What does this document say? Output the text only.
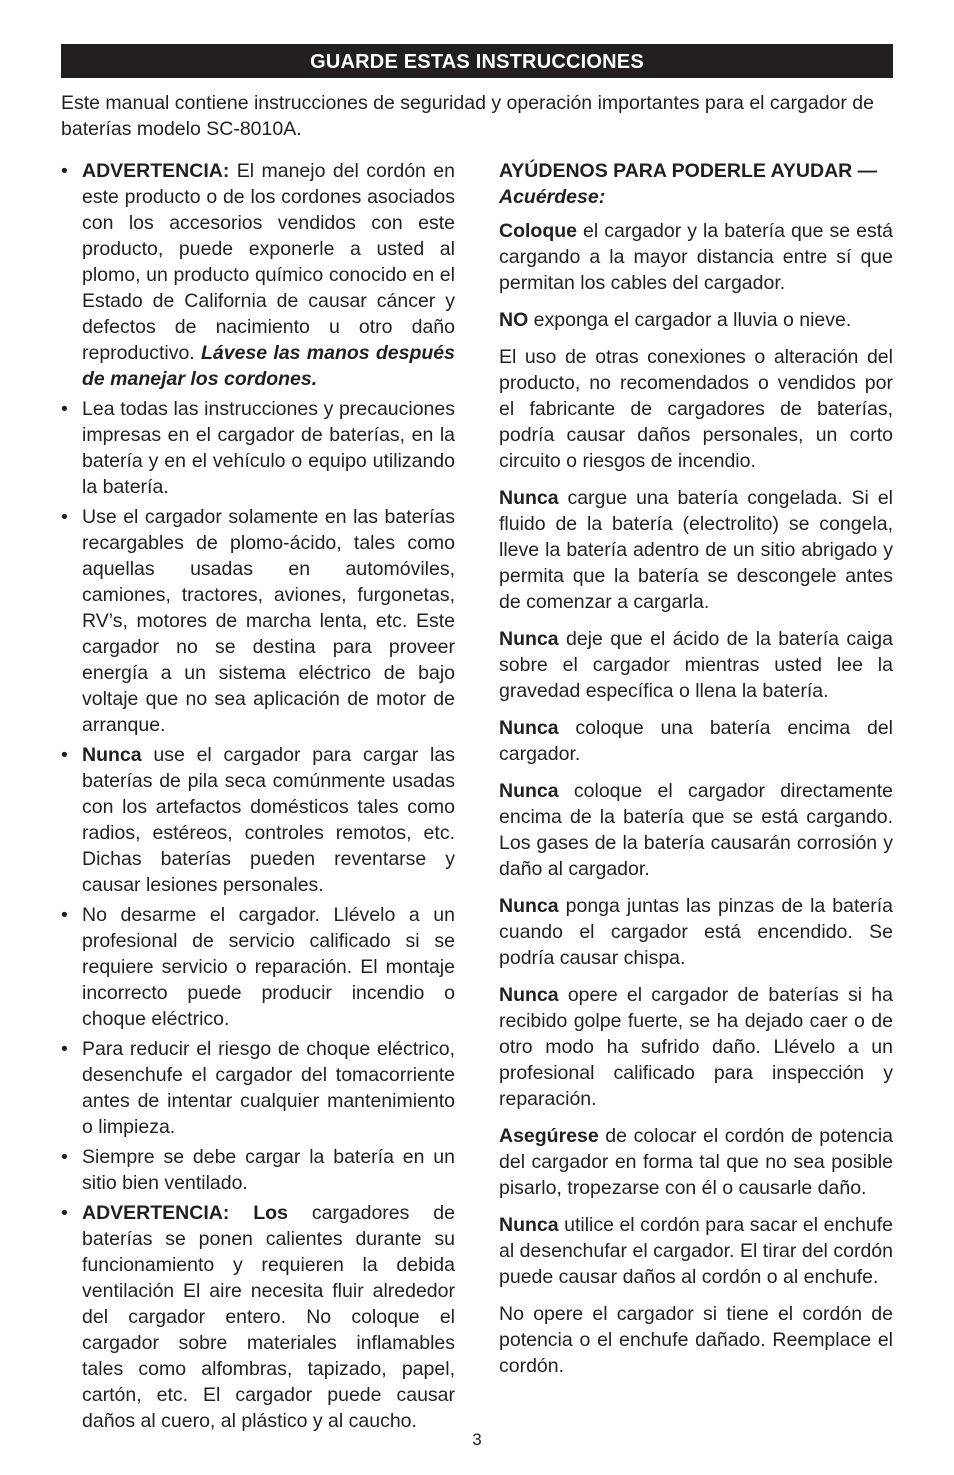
GUARDE ESTAS INSTRUCCIONES

Este manual contiene instrucciones de seguridad y operación importantes para el cargador de baterías modelo SC-8010A.

• ADVERTENCIA: El manejo del cordón en este producto o de los cordones asociados con los accesorios vendidos con este producto, puede exponerle a usted al plomo, un producto químico conocido en el Estado de California de causar cáncer y defectos de nacimiento u otro daño reproductivo. Lávese las manos después de manejar los cordones.
• Lea todas las instrucciones y precauciones impresas en el cargador de baterías, en la batería y en el vehículo o equipo utilizando la batería.
• Use el cargador solamente en las baterías recargables de plomo-ácido, tales como aquellas usadas en automóviles, camiones, tractores, aviones, furgonetas, RV’s, motores de marcha lenta, etc. Este cargador no se destina para proveer energía a un sistema eléctrico de bajo voltaje que no sea aplicación de motor de arranque.
• Nunca use el cargador para cargar las baterías de pila seca comúnmente usadas con los artefactos domésticos tales como radios, estéreos, controles remotos, etc. Dichas baterías pueden reventarse y causar lesiones personales.
• No desarme el cargador. Llévelo a un profesional de servicio calificado si se requiere servicio o reparación. El montaje incorrecto puede producir incendio o choque eléctrico.
• Para reducir el riesgo de choque eléctrico, desenchufe el cargador del tomacorriente antes de intentar cualquier mantenimiento o limpieza.
• Siempre se debe cargar la batería en un sitio bien ventilado.
• ADVERTENCIA: Los cargadores de baterías se ponen calientes durante su funcionamiento y requieren la debida ventilación El aire necesita fluir alrededor del cargador entero. No coloque el cargador sobre materiales inflamables tales como alfombras, tapizado, papel, cartón, etc. El cargador puede causar daños al cuero, al plástico y al caucho.

AYÚDENOS PARA PODERLE AYUDAR — Acuérdese:

Coloque el cargador y la batería que se está cargando a la mayor distancia entre sí que permitan los cables del cargador.

NO exponga el cargador a lluvia o nieve.

El uso de otras conexiones o alteración del producto, no recomendados o vendidos por el fabricante de cargadores de baterías, podría causar daños personales, un corto circuito o riesgos de incendio.

Nunca cargue una batería congelada. Si el fluido de la batería (electrolito) se congela, lleve la batería adentro de un sitio abrigado y permita que la batería se descongele antes de comenzar a cargarla.

Nunca deje que el ácido de la batería caiga sobre el cargador mientras usted lee la gravedad específica o llena la batería.

Nunca coloque una batería encima del cargador.

Nunca coloque el cargador directamente encima de la batería que se está cargando. Los gases de la batería causarán corrosión y daño al cargador.

Nunca ponga juntas las pinzas de la batería cuando el cargador está encendido. Se podría causar chispa.

Nunca opere el cargador de baterías si ha recibido golpe fuerte, se ha dejado caer o de otro modo ha sufrido daño. Llévelo a un profesional calificado para inspección y reparación.

Asegúrese de colocar el cordón de potencia del cargador en forma tal que no sea posible pisarlo, tropezarse con él o causarle daño.

Nunca utilice el cordón para sacar el enchufe al desenchufar el cargador. El tirar del cordón puede causar daños al cordón o al enchufe.

No opere el cargador si tiene el cordón de potencia o el enchufe dañado. Reemplace el cordón.

3
